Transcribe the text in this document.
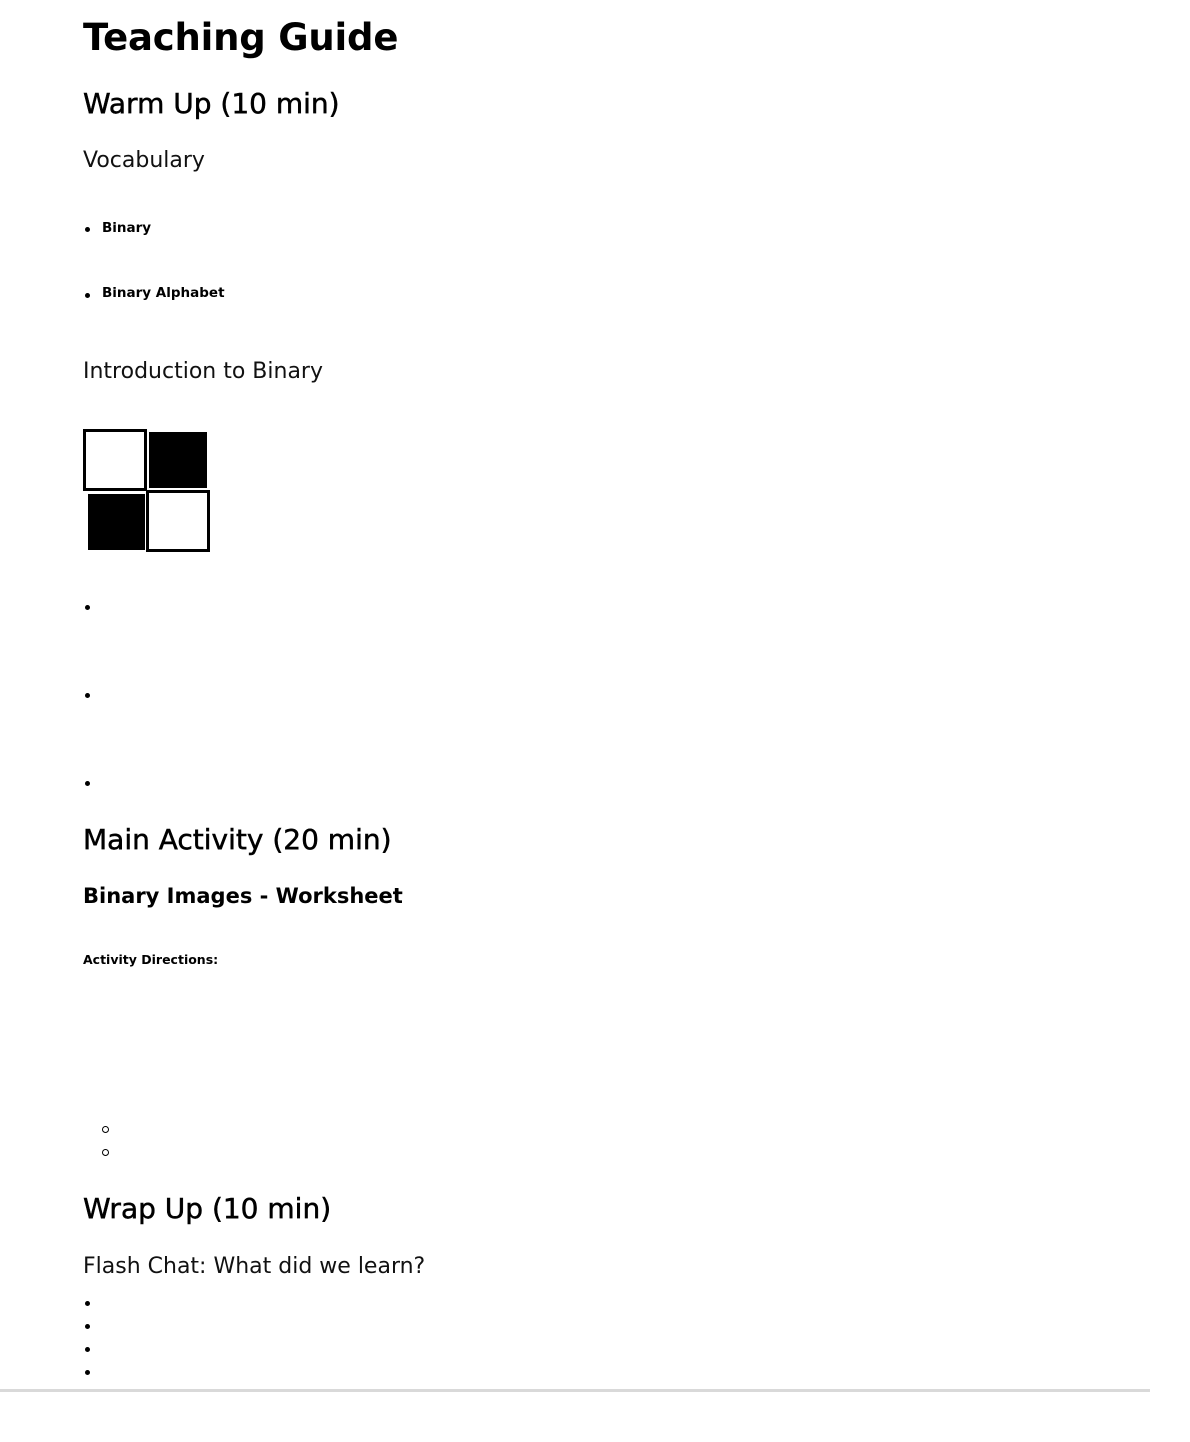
Teaching Guide
Warm Up (10 min)
Vocabulary
Binary
Binary Alphabet
Introduction to Binary
Main Activity (20 min)
Binary Images - Worksheet
Activity Directions:
Wrap Up (10 min)
Flash Chat: What did we learn?
